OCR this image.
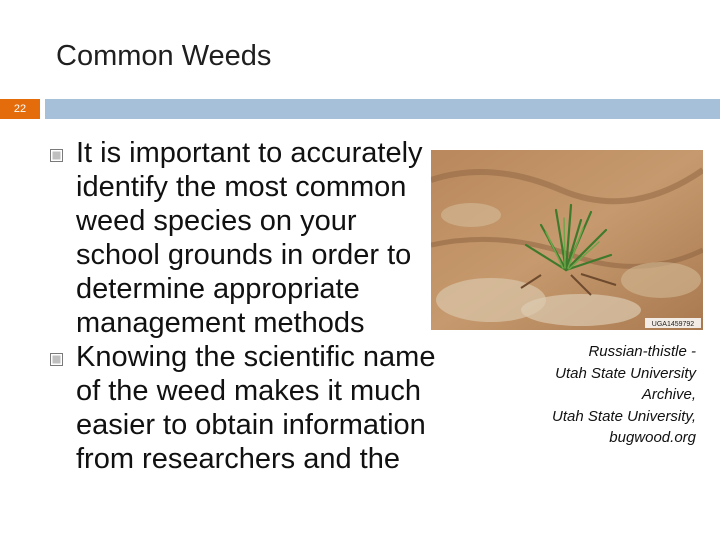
Common Weeds
22
It is important to accurately identify the most common weed species on your school grounds in order to determine appropriate management methods
Knowing the scientific name of the weed makes it much easier to obtain information from researchers and the
UGA1459792

Russian-thistle -
Utah State University
Archive,
Utah State University,
bugwood.org
